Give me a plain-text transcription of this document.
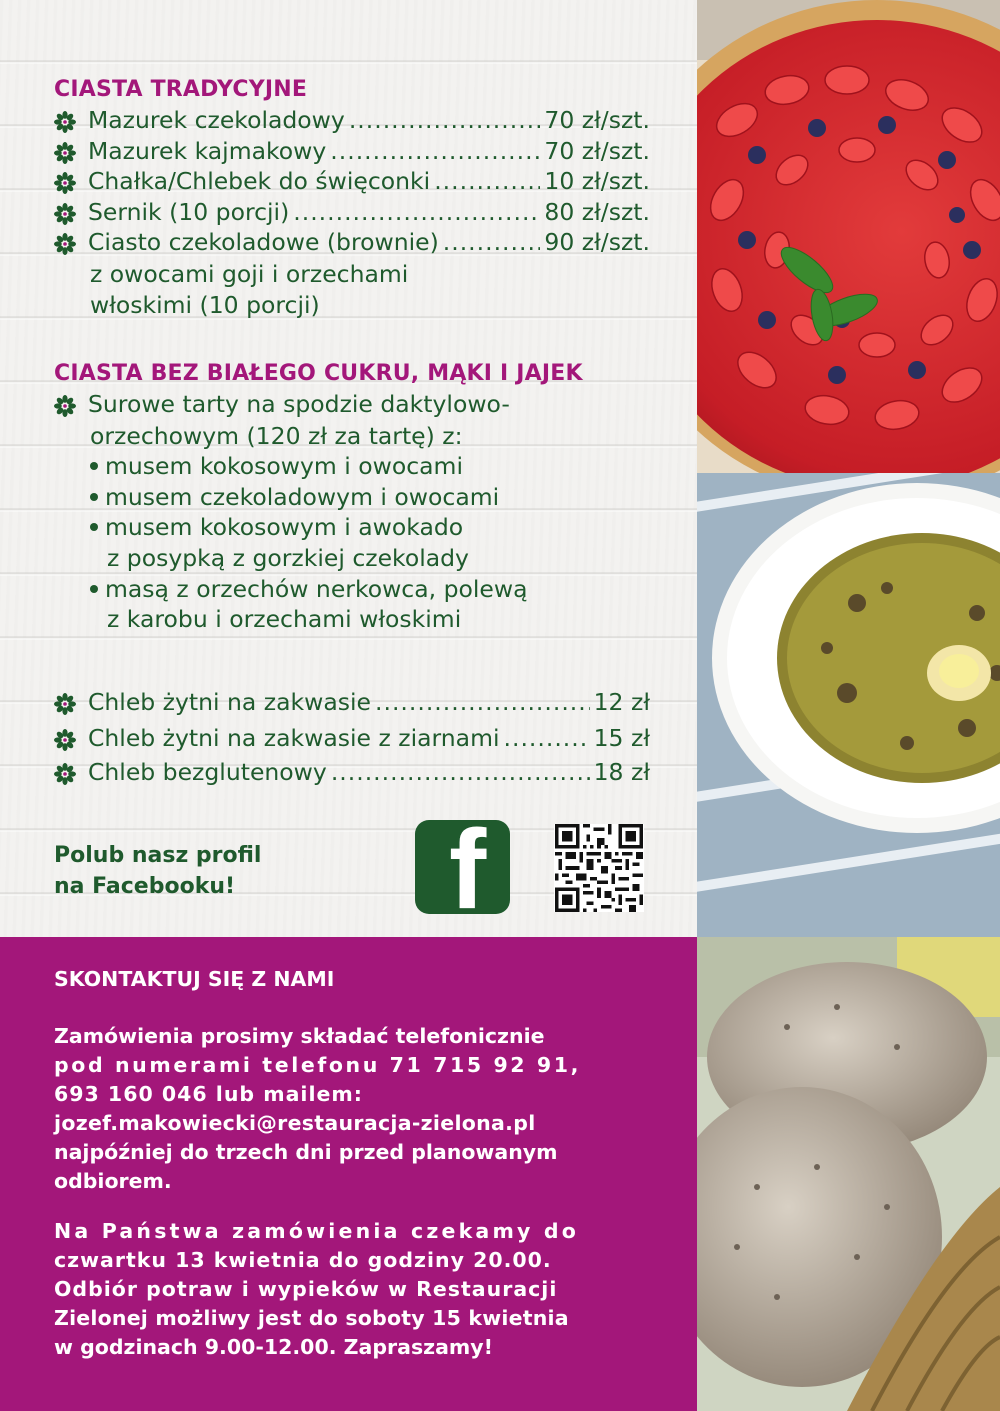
CIASTA TRADYCYJNE
Mazurek czekoladowy .....	70 zł/szt.
Mazurek kajmakowy .....	70 zł/szt.
Chałka/Chlebek do święconki .....	10 zł/szt.
Sernik (10 porcji) .....	80 zł/szt.
Ciasto czekoladowe (brownie) .....	90 zł/szt.
z owocami goji i orzechami
włoskimi (10 porcji)
CIASTA BEZ BIAŁEGO CUKRU, MĄKI I JAJEK
Surowe tarty na spodzie daktylowo-
orzechowym (120 zł za tartę) z:
musem kokosowym i owocami
musem czekoladowym i owocami
musem kokosowym i awokado
z posypką z gorzkiej czekolady
masą z orzechów nerkowca, polewą
z karobu i orzechami włoskimi
Chleb żytni na zakwasie .....	12 zł
Chleb żytni na zakwasie z ziarnami .....	15 zł
Chleb bezglutenowy .....	18 zł
Polub nasz profil
na Facebooku! f
SKONTAKTUJ SIĘ Z NAMI
Zamówienia prosimy składać telefonicznie
pod numerami telefonu 71 715 92 91,
693 160 046 lub mailem:
jozef.makowiecki@restauracja-zielona.pl
najpóźniej do trzech dni przed planowanym
odbiorem.
Na Państwa zamówienia czekamy do
czwartku 13 kwietnia do godziny 20.00.
Odbiór potraw i wypieków w Restauracji
Zielonej możliwy jest do soboty 15 kwietnia
w godzinach 9.00-12.00. Zapraszamy!
